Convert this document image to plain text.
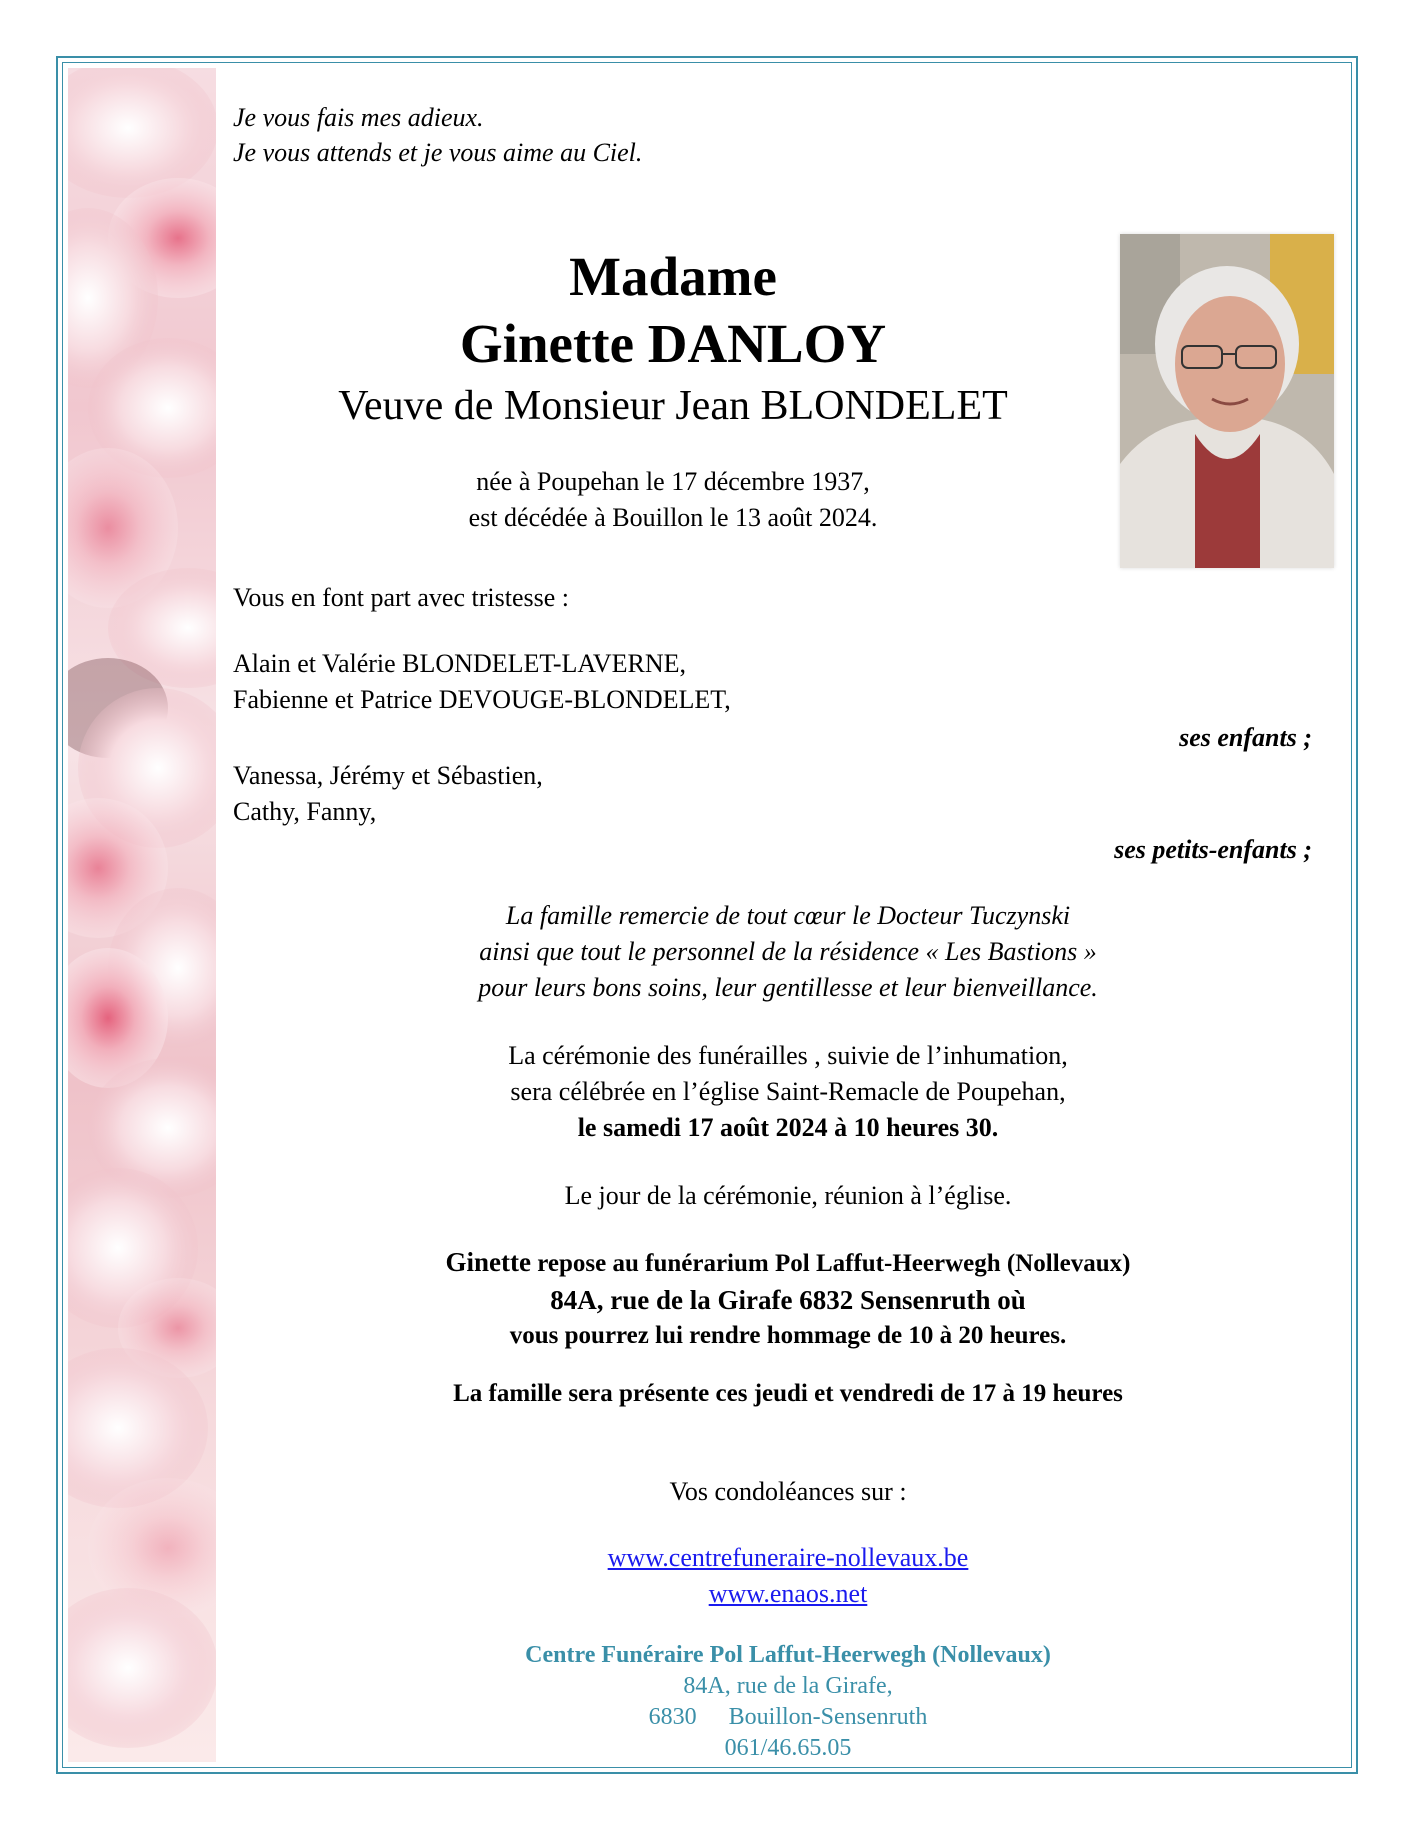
Je vous fais mes adieux.
Je vous attends et je vous aime au Ciel.
Madame
Ginette DANLOY
Veuve de Monsieur Jean BLONDELET
née à Poupehan le 17 décembre 1937,
est décédée à Bouillon le 13 août 2024.
Vous en font part avec tristesse :
Alain et Valérie BLONDELET-LAVERNE,
Fabienne et Patrice DEVOUGE-BLONDELET,
ses enfants ;
Vanessa, Jérémy et Sébastien,
Cathy, Fanny,
ses petits-enfants ;
La famille remercie de tout cœur le Docteur Tuczynski
ainsi que tout le personnel de la résidence « Les Bastions »
pour leurs bons soins, leur gentillesse et leur bienveillance.
La cérémonie des funérailles , suivie de l’inhumation,
sera célébrée en l’église Saint-Remacle de Poupehan,
le samedi 17 août 2024 à 10 heures 30.
Le jour de la cérémonie, réunion à l’église.
Ginette repose au funérarium Pol Laffut-Heerwegh (Nollevaux)
84A, rue de la Girafe 6832 Sensenruth où
vous pourrez lui rendre hommage de 10 à 20 heures.
La famille sera présente ces jeudi et vendredi de 17 à 19 heures
Vos condoléances sur :
www.centrefuneraire-nollevaux.be
www.enaos.net
Centre Funéraire Pol Laffut-Heerwegh (Nollevaux)
84A, rue de la Girafe,
6830 Bouillon-Sensenruth
061/46.65.05
